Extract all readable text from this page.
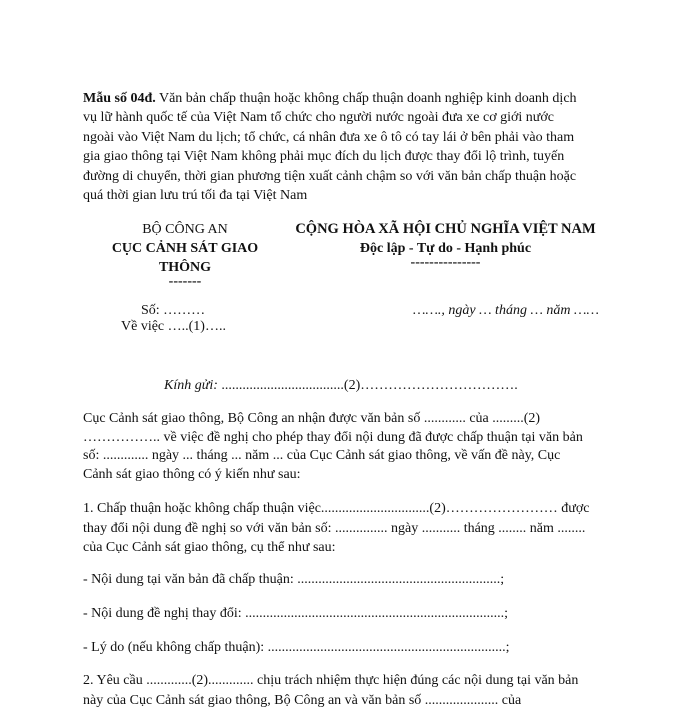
Mẫu số 04đ. Văn bản chấp thuận hoặc không chấp thuận doanh nghiệp kinh doanh dịch
vụ lữ hành quốc tế của Việt Nam tổ chức cho người nước ngoài đưa xe cơ giới nước
ngoài vào Việt Nam du lịch; tổ chức, cá nhân đưa xe ô tô có tay lái ở bên phải vào tham
gia giao thông tại Việt Nam không phải mục đích du lịch được thay đổi lộ trình, tuyến
đường di chuyển, thời gian phương tiện xuất cảnh chậm so với văn bản chấp thuận hoặc
quá thời gian lưu trú tối đa tại Việt Nam
BỘ CÔNG AN
CỤC CẢNH SÁT GIAO
THÔNG
-------
CỘNG HÒA XÃ HỘI CHỦ NGHĨA VIỆT NAM
Độc lập - Tự do - Hạnh phúc
---------------
Số: ………
Về việc …..(1)…..
……., ngày … tháng … năm ……
Kính gửi: ...................................(2)…………………………….
Cục Cảnh sát giao thông, Bộ Công an nhận được văn bản số ............ của .........(2)
…………….. về việc đề nghị cho phép thay đổi nội dung đã được chấp thuận tại văn bản
số: ............. ngày ... tháng ... năm ... của Cục Cảnh sát giao thông, về vấn đề này, Cục
Cảnh sát giao thông có ý kiến như sau:
1. Chấp thuận hoặc không chấp thuận việc...............................(2)…………………… được
thay đổi nội dung đề nghị so với văn bản số: ............... ngày ........... tháng ........ năm ........
của Cục Cảnh sát giao thông, cụ thể như sau:
- Nội dung tại văn bản đã chấp thuận: ..........................................................;
- Nội dung đề nghị thay đổi: ..........................................................................;
- Lý do (nếu không chấp thuận): ....................................................................;
2. Yêu cầu .............(2)............. chịu trách nhiệm thực hiện đúng các nội dung tại văn bản
này của Cục Cảnh sát giao thông, Bộ Công an và văn bản số ..................... của
